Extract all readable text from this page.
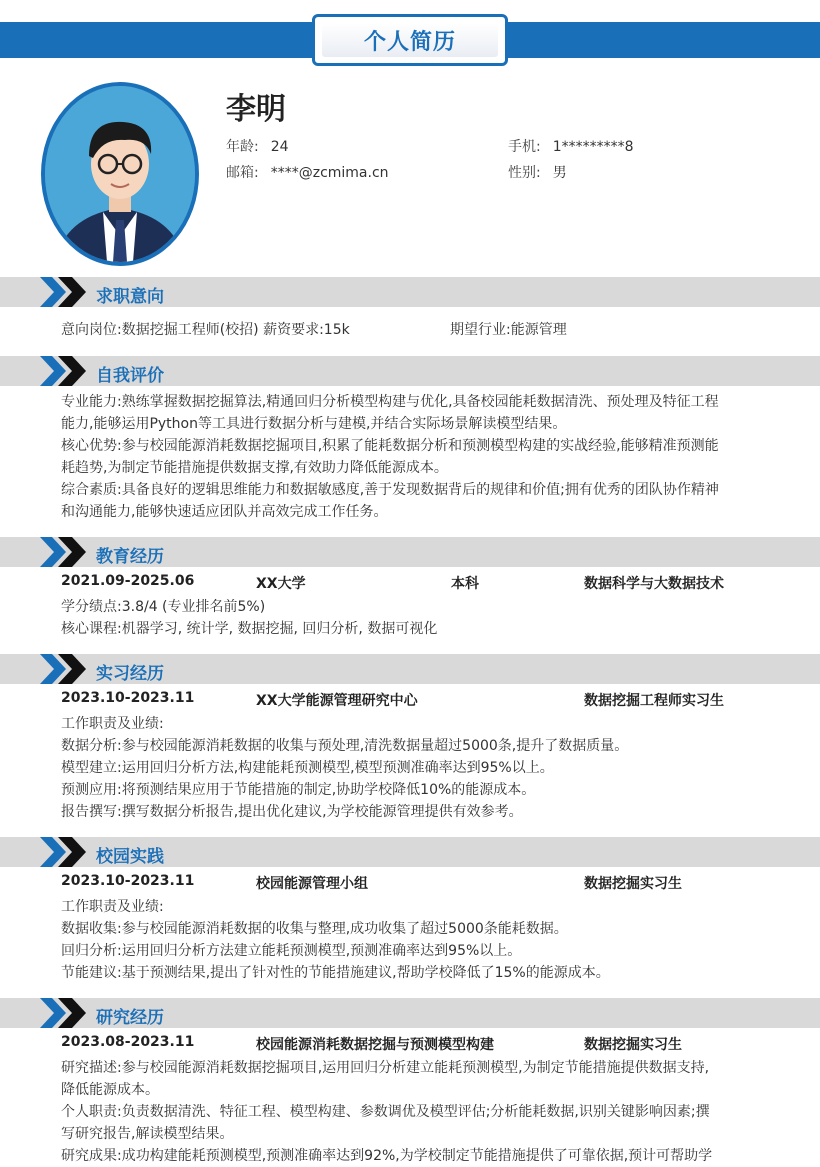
个人简历
李明
年龄: 24	手机: 1*********8
邮箱: ****@zcmima.cn	性别: 男
求职意向
意向岗位:数据挖掘工程师(校招) 薪资要求:15k	期望行业:能源管理
自我评价
专业能力:熟练掌握数据挖掘算法,精通回归分析模型构建与优化,具备校园能耗数据清洗、预处理及特征工程
能力,能够运用Python等工具进行数据分析与建模,并结合实际场景解读模型结果。
核心优势:参与校园能源消耗数据挖掘项目,积累了能耗数据分析和预测模型构建的实战经验,能够精准预测能
耗趋势,为制定节能措施提供数据支撑,有效助力降低能源成本。
综合素质:具备良好的逻辑思维能力和数据敏感度,善于发现数据背后的规律和价值;拥有优秀的团队协作精神
和沟通能力,能够快速适应团队并高效完成工作任务。
教育经历
2021.09-2025.06	XX大学	本科	数据科学与大数据技术
学分绩点:3.8/4 (专业排名前5%)
核心课程:机器学习, 统计学, 数据挖掘, 回归分析, 数据可视化
实习经历
2023.10-2023.11	XX大学能源管理研究中心	数据挖掘工程师实习生
工作职责及业绩:
数据分析:参与校园能源消耗数据的收集与预处理,清洗数据量超过5000条,提升了数据质量。
模型建立:运用回归分析方法,构建能耗预测模型,模型预测准确率达到95%以上。
预测应用:将预测结果应用于节能措施的制定,协助学校降低10%的能源成本。
报告撰写:撰写数据分析报告,提出优化建议,为学校能源管理提供有效参考。
校园实践
2023.10-2023.11	校园能源管理小组	数据挖掘实习生
工作职责及业绩:
数据收集:参与校园能源消耗数据的收集与整理,成功收集了超过5000条能耗数据。
回归分析:运用回归分析方法建立能耗预测模型,预测准确率达到95%以上。
节能建议:基于预测结果,提出了针对性的节能措施建议,帮助学校降低了15%的能源成本。
研究经历
2023.08-2023.11	校园能源消耗数据挖掘与预测模型构建	数据挖掘实习生
研究描述:参与校园能源消耗数据挖掘项目,运用回归分析建立能耗预测模型,为制定节能措施提供数据支持,
降低能源成本。
个人职责:负责数据清洗、特征工程、模型构建、参数调优及模型评估;分析能耗数据,识别关键影响因素;撰
写研究报告,解读模型结果。
研究成果:成功构建能耗预测模型,预测准确率达到92%,为学校制定节能措施提供了可靠依据,预计可帮助学
